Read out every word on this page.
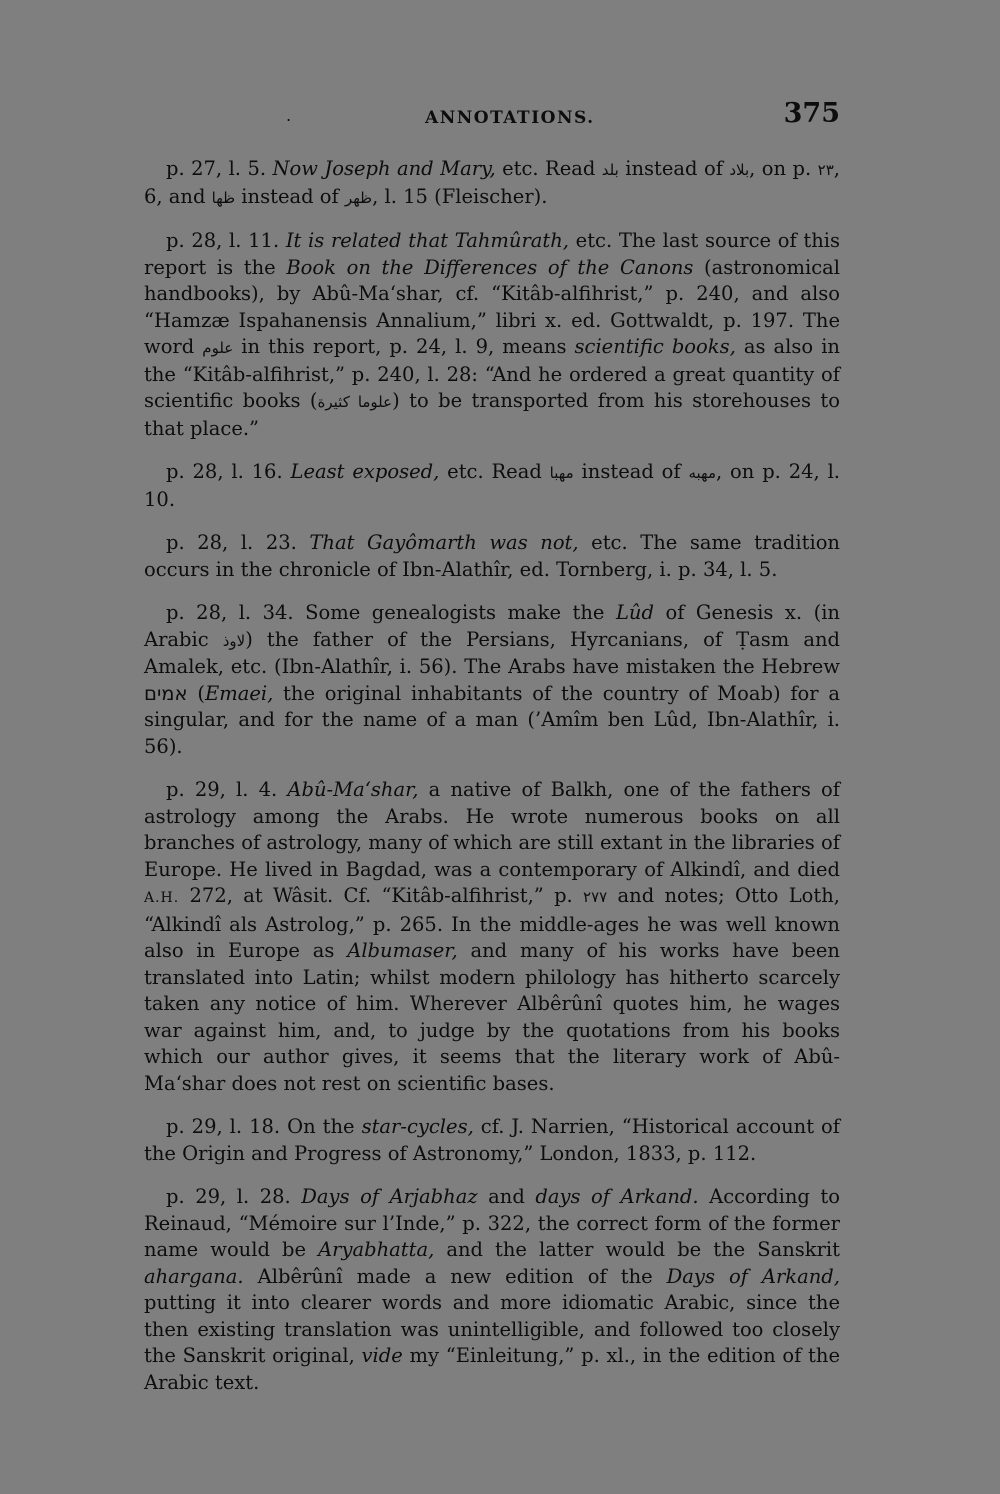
.	ANNOTATIONS.	375

p. 27, l. 5. Now Joseph and Mary, etc. Read بلد instead of بلاد, on p. ٢٣, 6, and ظها instead of ظهر, l. 15 (Fleischer).

p. 28, l. 11. It is related that Tahmûrath, etc. The last source of this report is the Book on the Differences of the Canons (astronomical handbooks), by Abû-Ma‘shar, cf. “Kitâb-alfihrist,” p. 240, and also “Hamzæ Ispahanensis Annalium,” libri x. ed. Gottwaldt, p. 197. The word علوم in this report, p. 24, l. 9, means scientific books, as also in the “Kitâb-alfihrist,” p. 240, l. 28: “And he ordered a great quantity of scientific books (علوما كثيرة) to be transported from his storehouses to that place.”

p. 28, l. 16. Least exposed, etc. Read مهبا instead of مهبه, on p. 24, l. 10.

p. 28, l. 23. That Gayômarth was not, etc. The same tradition occurs in the chronicle of Ibn-Alathîr, ed. Tornberg, i. p. 34, l. 5.

p. 28, l. 34. Some genealogists make the Lûd of Genesis x. (in Arabic لاوذ) the father of the Persians, Hyrcanians, of Ṭasm and Amalek, etc. (Ibn-Alathîr, i. 56). The Arabs have mistaken the Hebrew אמים (Emaei, the original inhabitants of the country of Moab) for a singular, and for the name of a man (’Amîm ben Lûd, Ibn-Alathîr, i. 56).

p. 29, l. 4. Abû-Ma‘shar, a native of Balkh, one of the fathers of astrology among the Arabs. He wrote numerous books on all branches of astrology, many of which are still extant in the libraries of Europe. He lived in Bagdad, was a contemporary of Alkindî, and died A.H. 272, at Wâsit. Cf. “Kitâb-alfihrist,” p. ٢٧٧ and notes; Otto Loth, “Alkindî als Astrolog,” p. 265. In the middle-ages he was well known also in Europe as Albumaser, and many of his works have been translated into Latin; whilst modern philology has hitherto scarcely taken any notice of him. Wherever Albêrûnî quotes him, he wages war against him, and, to judge by the quotations from his books which our author gives, it seems that the literary work of Abû-Ma‘shar does not rest on scientific bases.

p. 29, l. 18. On the star-cycles, cf. J. Narrien, “Historical account of the Origin and Progress of Astronomy,” London, 1833, p. 112.

p. 29, l. 28. Days of Arjabhaz and days of Arkand. According to Reinaud, “Mémoire sur l’Inde,” p. 322, the correct form of the former name would be Aryabhatta, and the latter would be the Sanskrit ahargana. Albêrûnî made a new edition of the Days of Arkand, putting it into clearer words and more idiomatic Arabic, since the then existing translation was unintelligible, and followed too closely the Sanskrit original, vide my “Einleitung,” p. xl., in the edition of the Arabic text.
